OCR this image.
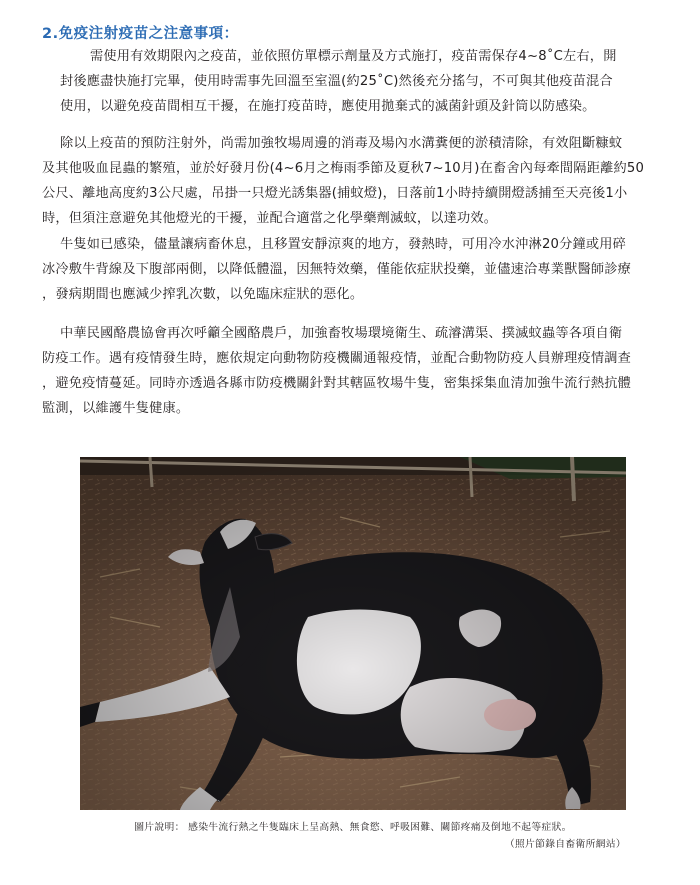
2.免疫注射疫苗之注意事項：

需使用有效期限內之疫苗，並依照仿單標示劑量及方式施打，疫苗需保存4~8˚C左右，開
封後應盡快施打完畢，使用時需事先回溫至室溫(約25˚C)然後充分搖勻，不可與其他疫苗混合
使用，以避免疫苗間相互干擾，在施打疫苗時，應使用拋棄式的滅菌針頭及針筒以防感染。

除以上疫苗的預防注射外，尚需加強牧場周邊的消毒及場內水溝糞便的淤積清除，有效阻斷糠蚊
及其他吸血昆蟲的繁殖，並於好發月份(4~6月之梅雨季節及夏秋7~10月)在畜舍內每牽間隔距離約50
公尺、離地高度約3公尺處，吊掛一只燈光誘集器(捕蚊燈)，日落前1小時持續開燈誘捕至天亮後1小
時，但須注意避免其他燈光的干擾，並配合適當之化學藥劑滅蚊，以達功效。

牛隻如已感染，儘量讓病畜休息，且移置安靜涼爽的地方，發熱時，可用冷水沖淋20分鐘或用碎
冰冷敷牛背線及下腹部兩側，以降低體溫，因無特效藥，僅能依症狀投藥，並儘速洽專業獸醫師診療
，發病期間也應減少搾乳次數，以免臨床症狀的惡化。

中華民國酪農協會再次呼籲全國酪農戶，加強畜牧場環境衛生、疏濬溝渠、撲滅蚊蟲等各項自衛
防疫工作。遇有疫情發生時，應依規定向動物防疫機關通報疫情，並配合動物防疫人員辦理疫情調查
，避免疫情蔓延。同時亦透過各縣市防疫機關針對其轄區牧場牛隻，密集採集血清加強牛流行熱抗體
監測，以維護牛隻健康。

圖片說明： 感染牛流行熱之牛隻臨床上呈高熱、無食慾、呼吸困難、關節疼痛及倒地不起等症狀。
（照片節錄自畜衛所網站）
